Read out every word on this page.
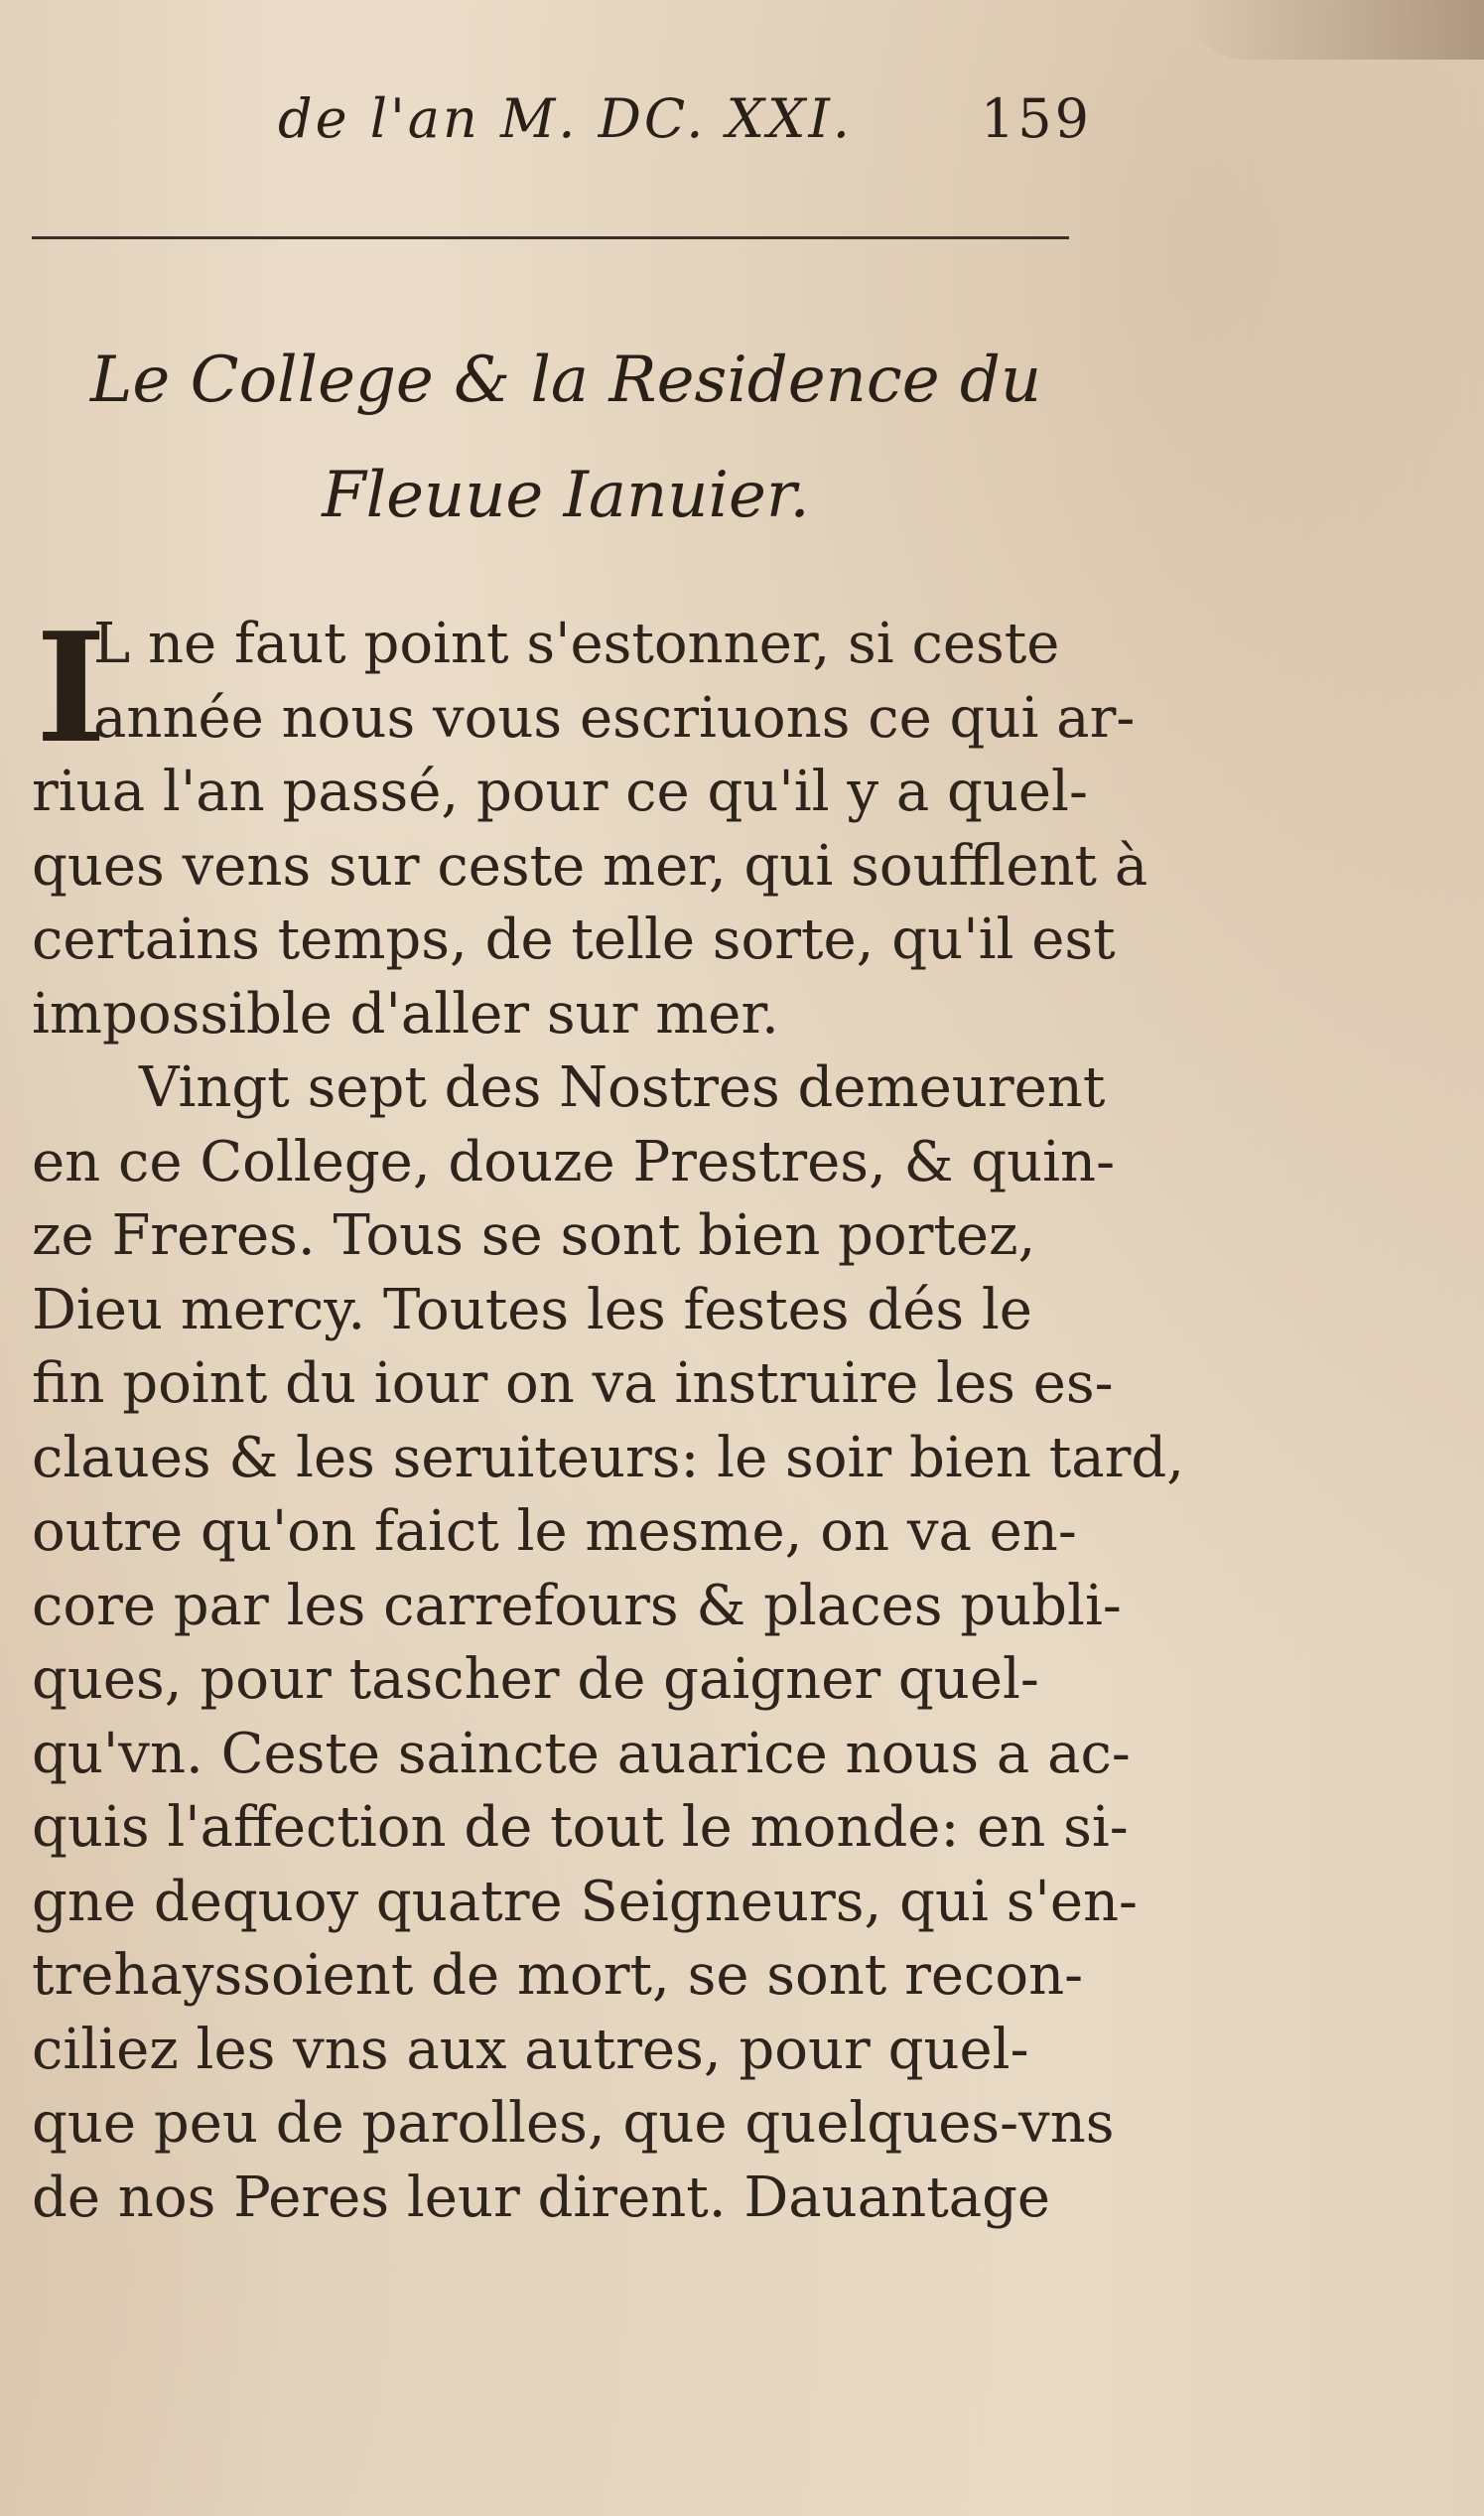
de l'an M. DC. XXI. 159
Le College & la Residence du
Fleuue Ianuier.
I
L ne faut point s'estonner, si ceste
année nous vous escriuons ce qui ar-
riua l'an passé, pour ce qu'il y a quel-
ques vens sur ceste mer, qui soufflent à
certains temps, de telle sorte, qu'il est
impossible d'aller sur mer.
Vingt sept des Nostres demeurent
en ce College, douze Prestres, & quin-
ze Freres. Tous se sont bien portez,
Dieu mercy. Toutes les festes dés le
fin point du iour on va instruire les es-
claues & les seruiteurs: le soir bien tard,
outre qu'on faict le mesme, on va en-
core par les carrefours & places publi-
ques, pour tascher de gaigner quel-
qu'vn. Ceste saincte auarice nous a ac-
quis l'affection de tout le monde: en si-
gne dequoy quatre Seigneurs, qui s'en-
trehayssoient de mort, se sont recon-
ciliez les vns aux autres, pour quel-
que peu de parolles, que quelques-vns
de nos Peres leur dirent. Dauantage
